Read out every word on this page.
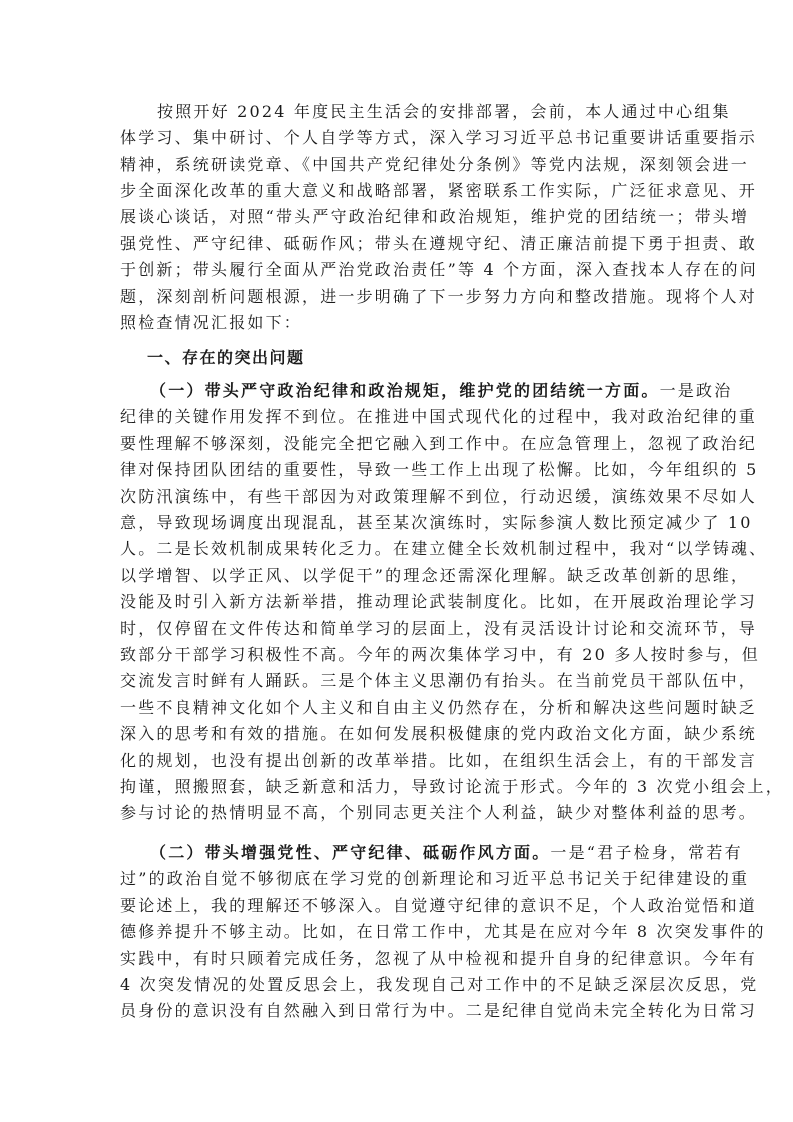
按照开好 2024 年度民主生活会的安排部署，会前，本人通过中心组集
体学习、集中研讨、个人自学等方式，深入学习习近平总书记重要讲话重要指示
精神，系统研读党章、《中国共产党纪律处分条例》等党内法规，深刻领会进一
步全面深化改革的重大意义和战略部署，紧密联系工作实际，广泛征求意见、开
展谈心谈话，对照“带头严守政治纪律和政治规矩，维护党的团结统一；带头增
强党性、严守纪律、砥砺作风；带头在遵规守纪、清正廉洁前提下勇于担责、敢
于创新；带头履行全面从严治党政治责任”等 4 个方面，深入查找本人存在的问
题，深刻剖析问题根源，进一步明确了下一步努力方向和整改措施。现将个人对
照检查情况汇报如下：
一、存在的突出问题
（一）带头严守政治纪律和政治规矩，维护党的团结统一方面。一是政治
纪律的关键作用发挥不到位。在推进中国式现代化的过程中，我对政治纪律的重
要性理解不够深刻，没能完全把它融入到工作中。在应急管理上，忽视了政治纪
律对保持团队团结的重要性，导致一些工作上出现了松懈。比如，今年组织的 5
次防汛演练中，有些干部因为对政策理解不到位，行动迟缓，演练效果不尽如人
意，导致现场调度出现混乱，甚至某次演练时，实际参演人数比预定减少了 10
人。二是长效机制成果转化乏力。在建立健全长效机制过程中，我对“以学铸魂、
以学增智、以学正风、以学促干”的理念还需深化理解。缺乏改革创新的思维，
没能及时引入新方法新举措，推动理论武装制度化。比如，在开展政治理论学习
时，仅停留在文件传达和简单学习的层面上，没有灵活设计讨论和交流环节，导
致部分干部学习积极性不高。今年的两次集体学习中，有 20 多人按时参与，但
交流发言时鲜有人踊跃。三是个体主义思潮仍有抬头。在当前党员干部队伍中，
一些不良精神文化如个人主义和自由主义仍然存在，分析和解决这些问题时缺乏
深入的思考和有效的措施。在如何发展积极健康的党内政治文化方面，缺少系统
化的规划，也没有提出创新的改革举措。比如，在组织生活会上，有的干部发言
拘谨，照搬照套，缺乏新意和活力，导致讨论流于形式。今年的 3 次党小组会上，
参与讨论的热情明显不高，个别同志更关注个人利益，缺少对整体利益的思考。
（二）带头增强党性、严守纪律、砥砺作风方面。一是“君子检身，常若有
过”的政治自觉不够彻底在学习党的创新理论和习近平总书记关于纪律建设的重
要论述上，我的理解还不够深入。自觉遵守纪律的意识不足，个人政治觉悟和道
德修养提升不够主动。比如，在日常工作中，尤其是在应对今年 8 次突发事件的
实践中，有时只顾着完成任务，忽视了从中检视和提升自身的纪律意识。今年有
4 次突发情况的处置反思会上，我发现自己对工作中的不足缺乏深层次反思，党
员身份的意识没有自然融入到日常行为中。二是纪律自觉尚未完全转化为日常习
